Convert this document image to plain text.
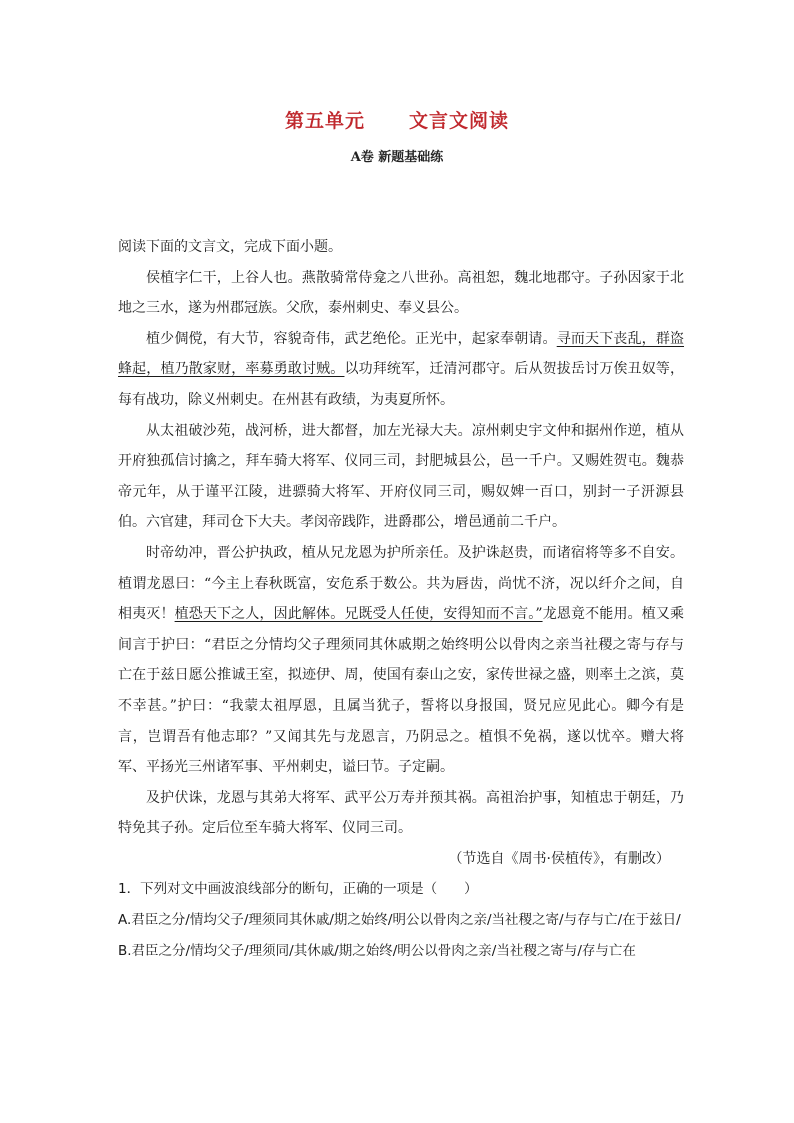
第五单元 文言文阅读
A卷 新题基础练

阅读下面的文言文，完成下面小题。

侯植字仁干，上谷人也。燕散骑常侍龛之八世孙。高祖恕，魏北地郡守。子孙因家于北地之三水，遂为州郡冠族。父欣，泰州刺史、奉义县公。

植少倜傥，有大节，容貌奇伟，武艺绝伦。正光中，起家奉朝请。寻而天下丧乱，群盗蜂起，植乃散家财，率募勇敢讨贼。以功拜统军，迁清河郡守。后从贺拔岳讨万俟丑奴等，每有战功，除义州刺史。在州甚有政绩，为夷夏所怀。

从太祖破沙苑，战河桥，进大都督，加左光禄大夫。凉州刺史宇文仲和据州作逆，植从开府独孤信讨擒之，拜车骑大将军、仪同三司，封肥城县公，邑一千户。又赐姓贺屯。魏恭帝元年，从于谨平江陵，进骠骑大将军、开府仪同三司，赐奴婢一百口，别封一子汧源县伯。六官建，拜司仓下大夫。孝闵帝践阼，进爵郡公，增邑通前二千户。

时帝幼冲，晋公护执政，植从兄龙恩为护所亲任。及护诛赵贵，而诸宿将等多不自安。植谓龙恩曰：“今主上春秋既富，安危系于数公。共为唇齿，尚忧不济，况以纤介之间，自相夷灭！植恐天下之人，因此解体。兄既受人任使，安得知而不言。”龙恩竟不能用。植又乘间言于护曰：“君臣之分情均父子理须同其休戚期之始终明公以骨肉之亲当社稷之寄与存与亡在于兹日愿公推诚王室，拟迹伊、周，使国有泰山之安，家传世禄之盛，则率土之滨，莫不幸甚。”护曰：“我蒙太祖厚恩，且属当犹子，誓将以身报国，贤兄应见此心。卿今有是言，岂谓吾有他志耶？”又闻其先与龙恩言，乃阴忌之。植惧不免祸，遂以忧卒。赠大将军、平扬光三州诸军事、平州刺史，谥曰节。子定嗣。

及护伏诛，龙恩与其弟大将军、武平公万寿并预其祸。高祖治护事，知植忠于朝廷，乃特免其子孙。定后位至车骑大将军、仪同三司。

（节选自《周书·侯植传》，有删改）

1．下列对文中画波浪线部分的断句，正确的一项是（　　）

A.君臣之分/情均父子/理须同其休戚/期之始终/明公以骨肉之亲/当社稷之寄/与存与亡/在于兹日/

B.君臣之分/情均父子/理须同/其休戚/期之始终/明公以骨肉之亲/当社稷之寄与/存与亡在
